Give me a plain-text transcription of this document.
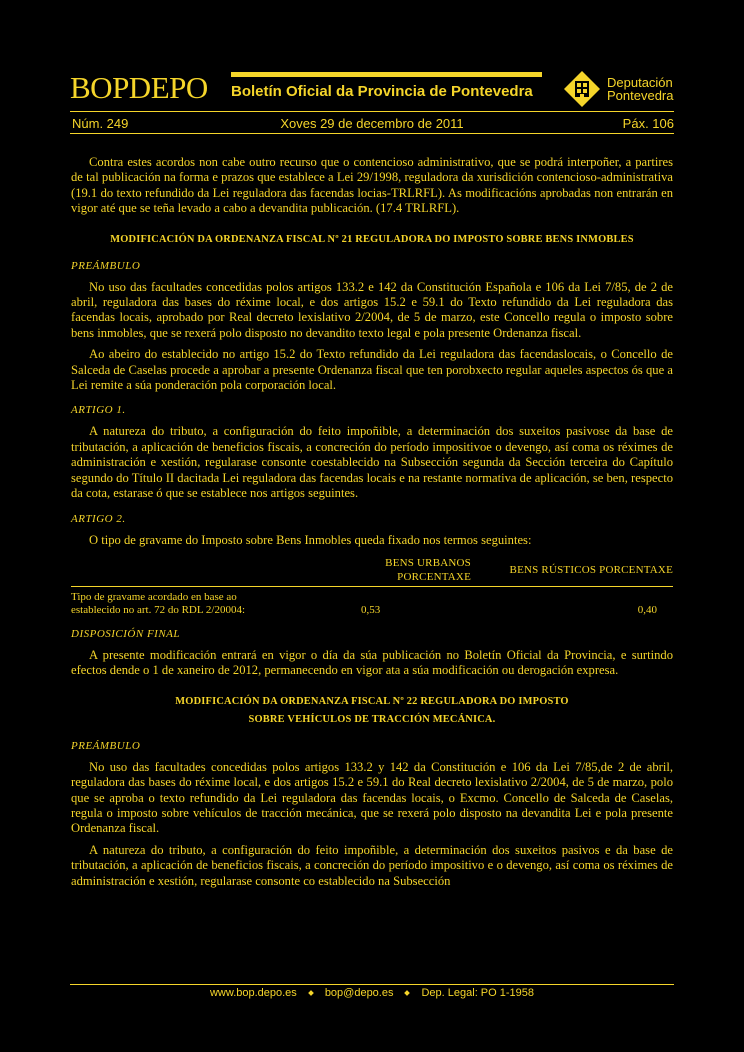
BOPDEPO Boletín Oficial da Provincia de Pontevedra
Deputación
Pontevedra
Núm. 249	Xoves 29 de decembro de 2011	Páx. 106

Contra estes acordos non cabe outro recurso que o contencioso administrativo, que se podrá interpoñer, a partires de tal publicación na forma e prazos que establece a Lei 29/1998, reguladora da xurisdición contencioso-administrativa (19.1 do texto refundido da Lei reguladora das facendas locias-TRLRFL). As modificacións aprobadas non entrarán en vigor até que se teña levado a cabo a devandita publicación. (17.4 TRLRFL).

MODIFICACIÓN DA ORDENANZA FISCAL Nº 21 REGULADORA DO IMPOSTO SOBRE BENS INMOBLES
PREÁMBULO

No uso das facultades concedidas polos artigos 133.2 e 142 da Constitución Española e 106 da Lei 7/85, de 2 de abril, reguladora das bases do réxime local, e dos artigos 15.2 e 59.1 do Texto refundido da Lei reguladora das facendas locais, aprobado por Real decreto lexislativo 2/2004, de 5 de marzo, este Concello regula o imposto sobre bens inmobles, que se rexerá polo disposto no devandito texto legal e pola presente Ordenanza fiscal.

Ao abeiro do establecido no artigo 15.2 do Texto refundido da Lei reguladora das facendaslocais, o Concello de Salceda de Caselas procede a aprobar a presente Ordenanza fiscal que ten porobxecto regular aqueles aspectos ós que a Lei remite a súa ponderación pola corporación local.

ARTIGO 1.

A natureza do tributo, a configuración do feito impoñible, a determinación dos suxeitos pasivose da base de tributación, a aplicación de beneficios fiscais, a concreción do período impositivoe o devengo, así coma os réximes de administración e xestión, regularase consonte coestablecido na Subsección segunda da Sección terceira do Capítulo segundo do Título II dacitada Lei reguladora das facendas locais e na restante normativa de aplicación, se ben, respecto da cota, estarase ó que se establece nos artigos seguintes.

ARTIGO 2.

O tipo de gravame do Imposto sobre Bens Inmobles queda fixado nos termos seguintes:

	BENS URBANOS PORCENTAXE	BENS RÚSTICOS PORCENTAXE

Tipo de gravame acordado en base ao
establecido no art. 72 do RDL 2/20004:	0,53	0,40
DISPOSICIÓN FINAL

A presente modificación entrará en vigor o día da súa publicación no Boletín Oficial da Provincia, e surtindo efectos dende o 1 de xaneiro de 2012, permanecendo en vigor ata a súa modificación ou derogación expresa.

MODIFICACIÓN DA ORDENANZA FISCAL Nº 22 REGULADORA DO IMPOSTO
SOBRE VEHÍCULOS DE TRACCIÓN MECÁNICA.
PREÁMBULO

No uso das facultades concedidas polos artigos 133.2 y 142 da Constitución e 106 da Lei 7/85,de 2 de abril, reguladora das bases do réxime local, e dos artigos 15.2 e 59.1 do Real decreto lexislativo 2/2004, de 5 de marzo, polo que se aproba o texto refundido da Lei reguladora das facendas locais, o Excmo. Concello de Salceda de Caselas, regula o imposto sobre vehículos de tracción mecánica, que se rexerá polo disposto na devandita Lei e pola presente Ordenanza fiscal.

A natureza do tributo, a configuración do feito impoñible, a determinación dos suxeitos pasivos e da base de tributación, a aplicación de beneficios fiscais, a concreción do período impositivo e o devengo, así coma os réximes de administración e xestión, regularase consonte co establecido na Subsección

www.bop.depo.es	bop@depo.es	Dep. Legal: PO 1-1958
